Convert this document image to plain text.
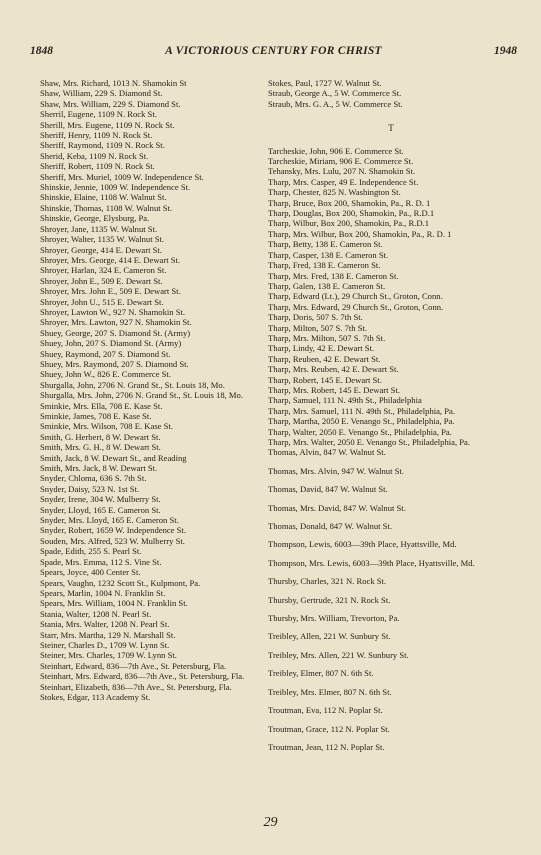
1848	A VICTORIOUS CENTURY FOR CHRIST	1948
Shaw, Mrs. Richard, 1013 N. Shamokin St
Shaw, William, 229 S. Diamond St.
Shaw, Mrs. William, 229 S. Diamond St.
Sherril, Eugene, 1109 N. Rock St.
Sherill, Mrs. Eugene, 1109 N. Rock St.
Sheriff, Henry, 1109 N. Rock St.
Sheriff, Raymond, 1109 N. Rock St.
Sherid, Keba, 1109 N. Rock St.
Sheriff, Robert, 1109 N. Rock St.
Sheriff, Mrs. Muriel, 1009 W. Independence St.
Shinskie, Jennie, 1009 W. Independence St.
Shinskie, Elaine, 1108 W. Walnut St.
Shinskie, Thomas, 1108 W. Walnut St.
Shinskie, George, Elysburg, Pa.
Shroyer, Jane, 1135 W. Walnut St.
Shroyer, Walter, 1135 W. Walnut St.
Shroyer, George, 414 E. Dewart St.
Shroyer, Mrs. George, 414 E. Dewart St.
Shroyer, Harlan, 324 E. Cameron St.
Shroyer, John E., 509 E. Dewart St.
Shroyer, Mrs. John E., 509 E. Dewart St.
Shroyer, John U., 515 E. Dewart St.
Shroyer, Lawton W., 927 N. Shamokin St.
Shroyer, Mrs. Lawton, 927 N. Shamokin St.
Shuey, George, 207 S. Diamond St. (Army)
Shuey, John, 207 S. Diamond St. (Army)
Shuey, Raymond, 207 S. Diamond St.
Shuey, Mrs. Raymond, 207 S. Diamond St.
Shuey, John W., 826 E. Commerce St.
Shurgalla, John, 2706 N. Grand St., St. Louis 18, Mo.
Shurgalla, Mrs. John, 2706 N. Grand St., St. Louis 18, Mo.
Sminkie, Mrs. Ella, 708 E. Kase St.
Sminkie, James, 708 E. Kase St.
Sminkie, Mrs. Wilson, 708 E. Kase St.
Smith, G. Herbert, 8 W. Dewart St.
Smith, Mrs. G. H., 8 W. Dewart St.
Smith, Jack, 8 W. Dewart St., and Reading
Smith, Mrs. Jack, 8 W. Dewart St.
Snyder, Chloma, 636 S. 7th St.
Snyder, Daisy, 523 N. 1st St.
Snyder, Irene, 304 W. Mulberry St.
Snyder, Lloyd, 165 E. Cameron St.
Snyder, Mrs. Lloyd, 165 E. Cameron St.
Snyder, Robert, 1659 W. Independence St.
Souden, Mrs. Alfred, 523 W. Mulberry St.
Spade, Edith, 255 S. Pearl St.
Spade, Mrs. Emma, 112 S. Vine St.
Spears, Joyce, 400 Center St.
Spears, Vaughn, 1232 Scott St., Kulpmont, Pa.
Spears, Marlin, 1004 N. Franklin St.
Spears, Mrs. William, 1004 N. Franklin St.
Stania, Walter, 1208 N. Pearl St.
Stania, Mrs. Walter, 1208 N. Pearl St.
Starr, Mrs. Martha, 129 N. Marshall St.
Steiner, Charles D., 1709 W. Lynn St.
Steiner, Mrs. Charles, 1709 W. Lynn St.
Steinhart, Edward, 836—7th Ave., St. Petersburg, Fla.
Steinhart, Mrs. Edward, 836—7th Ave., St. Petersburg, Fla.
Steinhart, Elizabeth, 836—7th Ave., St. Petersburg, Fla.
Stokes, Edgar, 113 Academy St.
Stokes, Paul, 1727 W. Walnut St.
Straub, George A., 5 W. Commerce St.
Straub, Mrs. G. A., 5 W. Commerce St.
T
Tarcheskie, John, 906 E. Commerce St.
Tarcheskie, Miriam, 906 E. Commerce St.
Tehansky, Mrs. Lulu, 207 N. Shamokin St.
Tharp, Mrs. Casper, 49 E. Independence St.
Tharp, Chester, 825 N. Washington St.
Tharp, Bruce, Box 200, Shamokin, Pa., R. D. 1
Tharp, Douglas, Box 200, Shamokin, Pa., R.D.1
Tharp, Wilbur, Box 200, Shamokin, Pa., R.D.1
Tharp, Mrs. Wilbur, Box 200, Shamokin, Pa., R. D. 1
Tharp, Betty, 138 E. Cameron St.
Tharp, Casper, 138 E. Cameron St.
Tharp, Fred, 138 E. Cameron St.
Tharp, Mrs. Fred, 138 E. Cameron St.
Tharp, Galen, 138 E. Cameron St.
Tharp, Edward (Lt.), 29 Church St., Groton, Conn.
Tharp, Mrs. Edward, 29 Church St., Groton, Conn.
Tharp, Doris, 507 S. 7th St.
Tharp, Milton, 507 S. 7th St.
Tharp, Mrs. Milton, 507 S. 7th St.
Tharp, Lindy, 42 E. Dewart St.
Tharp, Reuben, 42 E. Dewart St.
Tharp, Mrs. Reuben, 42 E. Dewart St.
Tharp, Robert, 145 E. Dewart St.
Tharp, Mrs. Robert, 145 E. Dewart St.
Tharp, Samuel, 111 N. 49th St., Philadelphia
Tharp, Mrs. Samuel, 111 N. 49th St., Philadelphia, Pa.
Tharp, Martha, 2050 E. Venango St., Philadelphia, Pa.
Tharp, Walter, 2050 E. Venango St., Philadelphia, Pa.
Tharp, Mrs. Walter, 2050 E. Venango St., Philadelphia, Pa.
Thomas, Alvin, 847 W. Walnut St.
Thomas, Mrs. Alvin, 947 W. Walnut St.
Thomas, David, 847 W. Walnut St.
Thomas, Mrs. David, 847 W. Walnut St.
Thomas, Donald, 847 W. Walnut St.
Thompson, Lewis, 6003—39th Place, Hyattsville, Md.
Thompson, Mrs. Lewis, 6003—39th Place, Hyattsville, Md.
Thursby, Charles, 321 N. Rock St.
Thursby, Gertrude, 321 N. Rock St.
Thursby, Mrs. William, Trevorton, Pa.
Treibley, Allen, 221 W. Sunbury St.
Treibley, Mrs. Allen, 221 W. Sunbury St.
Treibley, Elmer, 807 N. 6th St.
Treibley, Mrs. Elmer, 807 N. 6th St.
Troutman, Eva, 112 N. Poplar St.
Troutman, Grace, 112 N. Poplar St.
Troutman, Jean, 112 N. Poplar St.
29
